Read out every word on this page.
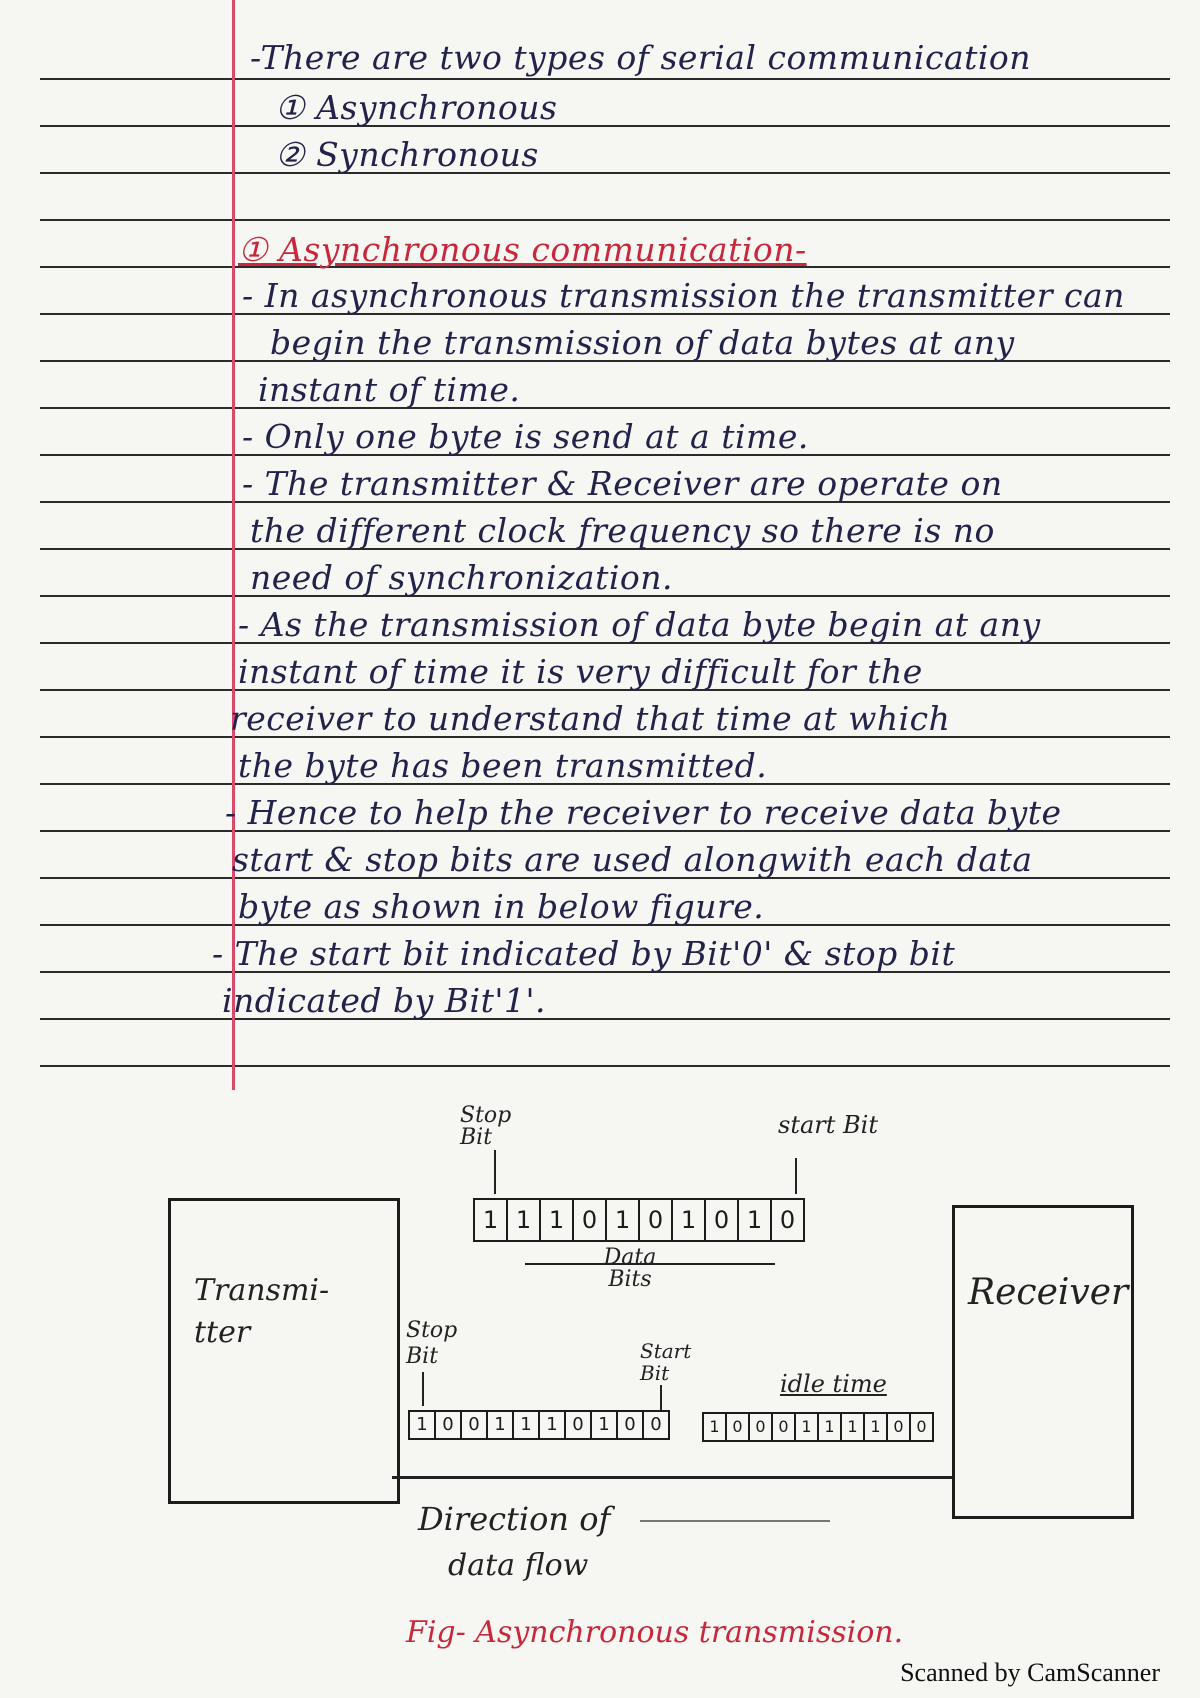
-There are two types of serial communication
① Asynchronous
② Synchronous
① Asynchronous communication-
- In asynchronous transmission the transmitter can
begin the transmission of data bytes at any
instant of time.
- Only one byte is send at a time.
- The transmitter & Receiver are operate on
the different clock frequency so there is no
need of synchronization.
- As the transmission of data byte begin at any
instant of time it is very difficult for the
receiver to understand that time at which
the byte has been transmitted.
- Hence to help the receiver to receive data byte
start & stop bits are used alongwith each data
byte as shown in below figure.
- The start bit indicated by Bit'0' & stop bit
indicated by Bit'1'.
Transmi-tter
Receiver
Stop Bit	start Bit
1 1 1 0 1 0 1 0 1 0
Data Bits
Stop Bit	Start Bit	idle time
1 0 0 1 1 1 0 1 0 0	1 0 0 0 1 1 1 1 0 0
Direction of
data flow
Fig- Asynchronous transmission.
Scanned by CamScanner
